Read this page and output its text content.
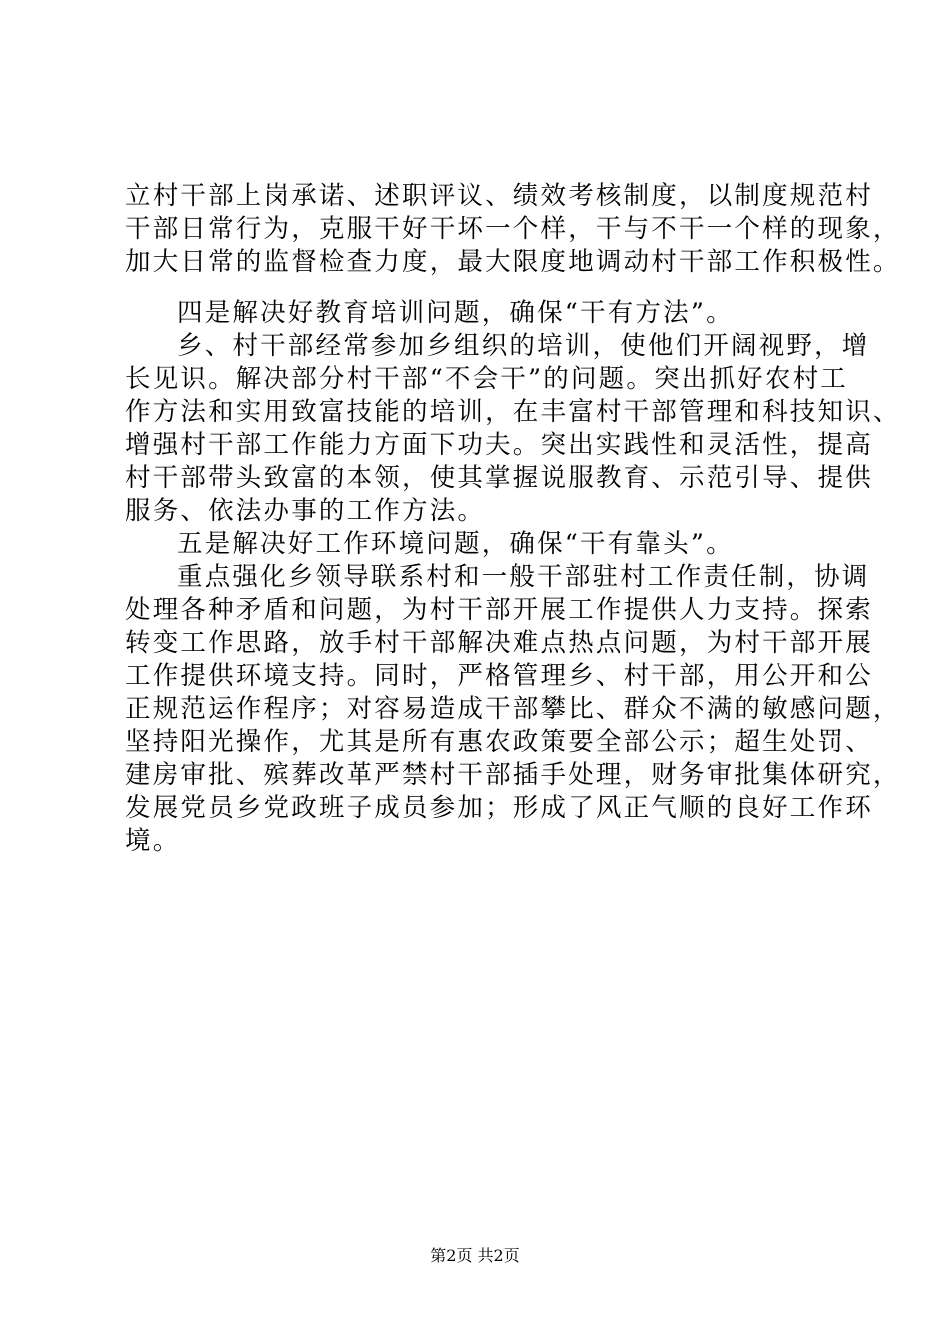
立村干部上岗承诺、述职评议、绩效考核制度，以制度规范村
干部日常行为，克服干好干坏一个样，干与不干一个样的现象，
加大日常的监督检查力度，最大限度地调动村干部工作积极性。
四是解决好教育培训问题，确保“干有方法”。
乡、村干部经常参加乡组织的培训，使他们开阔视野，增
长见识。解决部分村干部“不会干”的问题。突出抓好农村工
作方法和实用致富技能的培训，在丰富村干部管理和科技知识、
增强村干部工作能力方面下功夫。突出实践性和灵活性，提高
村干部带头致富的本领，使其掌握说服教育、示范引导、提供
服务、依法办事的工作方法。
五是解决好工作环境问题，确保“干有靠头”。
重点强化乡领导联系村和一般干部驻村工作责任制，协调
处理各种矛盾和问题，为村干部开展工作提供人力支持。探索
转变工作思路，放手村干部解决难点热点问题，为村干部开展
工作提供环境支持。同时，严格管理乡、村干部，用公开和公
正规范运作程序；对容易造成干部攀比、群众不满的敏感问题，
坚持阳光操作，尤其是所有惠农政策要全部公示；超生处罚、
建房审批、殡葬改革严禁村干部插手处理，财务审批集体研究，
发展党员乡党政班子成员参加；形成了风正气顺的良好工作环
境。
第2页 共2页
